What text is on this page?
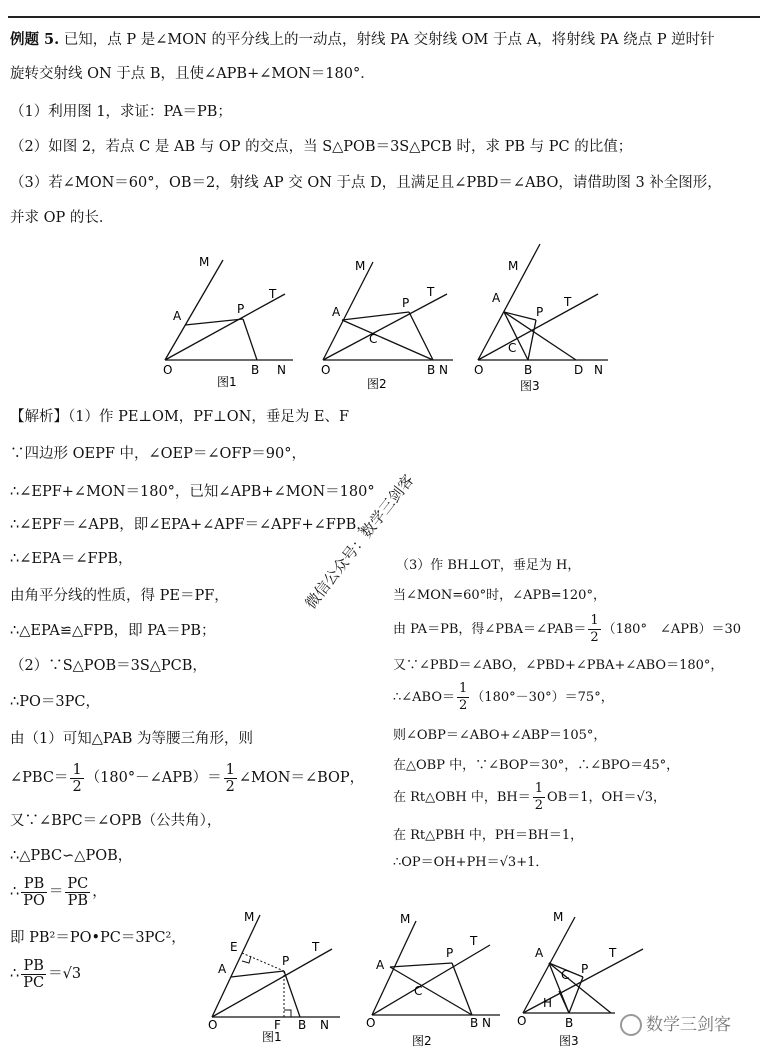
例题 5. 已知，点 P 是∠MON 的平分线上的一动点，射线 PA 交射线 OM 于点 A，将射线 PA 绕点 P 逆时针
旋转交射线 ON 于点 B，且使∠APB+∠MON＝180°．
（1）利用图 1，求证：PA＝PB；
（2）如图 2，若点 C 是 AB 与 OP 的交点，当 S△POB＝3S△PCB 时，求 PB 与 PC 的比值；
（3）若∠MON＝60°，OB＝2，射线 AP 交 ON 于点 D，且满足且∠PBD＝∠ABO，请借助图 3 补全图形，
并求 OP 的长．
M
A	P
T
O	B N
图1
M
A
P
T
C
O	B N
图2
M
A
P
T
C
O	B	D N
图3
【解析】（1）作 PE⊥OM，PF⊥ON，垂足为 E、F
∵四边形 OEPF 中，∠OEP＝∠OFP＝90°，
∴∠EPF+∠MON＝180°，已知∠APB+∠MON＝180°
∴∠EPF＝∠APB，即∠EPA+∠APF＝∠APF+∠FPB，
∴∠EPA＝∠FPB，
由角平分线的性质，得 PE＝PF，
∴△EPA≌△FPB，即 PA＝PB；
（2）∵S△POB＝3S△PCB，
∴PO＝3PC，
由（1）可知△PAB 为等腰三角形，则
∠PBC＝ $\frac{1}{2}$ （180°－∠APB）＝ $\frac{1}{2}$ ∠MON＝∠BOP，
又∵∠BPC＝∠OPB（公共角），
∴△PBC∽△POB，
∴ $\frac{PB}{PO} = \frac{PC}{PB}$ ，
即 PB²＝PO•PC＝3PC²，
∴ $\frac{PB}{PC} =√3$
微信公众号：数学三剑客
（3）作 BH⊥OT，垂足为 H，
当∠MON=60°时，∠APB=120°，
由 PA＝PB，得∠PBA＝∠PAB＝ $\frac{1}{2} (180^\circ$　∠APB）＝30
又∵∠PBD＝∠ABO，∠PBD+∠PBA+∠ABO＝180°，
∴∠ABO＝ $\frac{1}{2} (180^\circ-30^\circ)=75^\circ$，
则∠OBP＝∠ABO+∠ABP＝105°，
在△OBP 中，∵∠BOP＝30°，∴∠BPO＝45°，
在 Rt△OBH 中，$BH= \frac{1}{2} OB=1$，OH＝√3，
在 Rt△PBH 中，PH＝BH＝1，
∴OP＝OH+PH＝√3+1．
M
E
A
P
T
O	F B N
图1
M
A
P
T
C
O	B N
图2
M
A
C P
T
H
O	B
图3
数学三剑客
